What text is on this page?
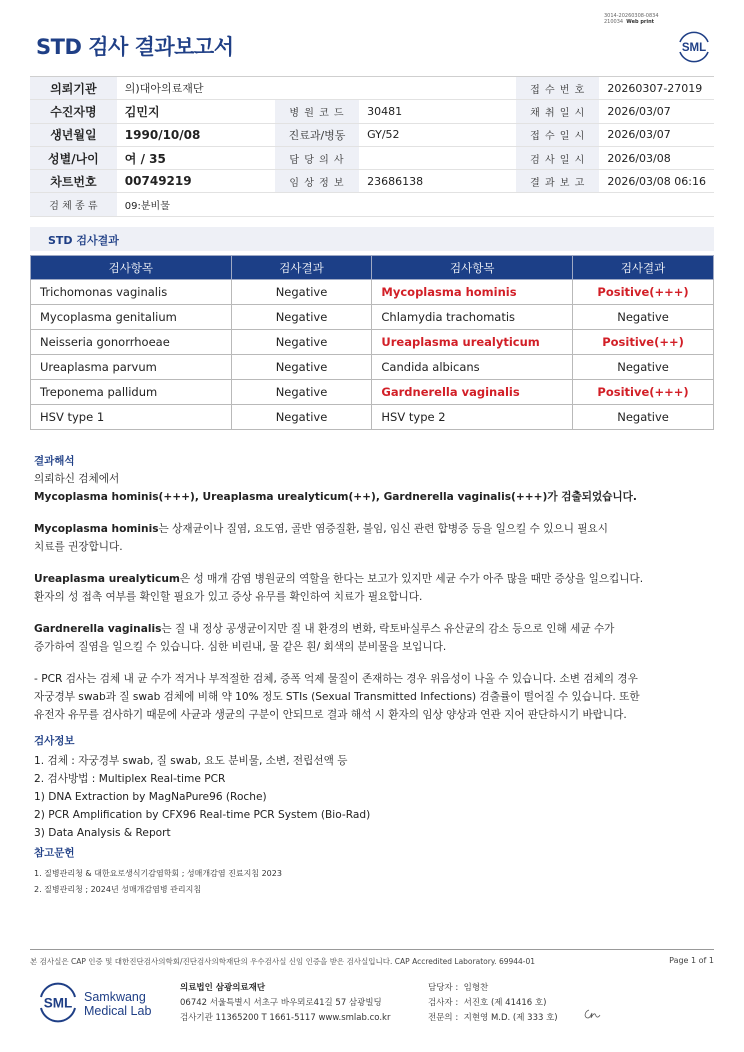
3014-20260308-0834
210034 Web print
STD 검사 결과보고서	SML
의뢰기관	의)대아의료재단			접 수 번 호	20260307-27019
수진자명	김민지	병 원 코 드	30481	채 취 일 시	2026/03/07
생년월일	1990/10/08	진료과/병동	GY/52	접 수 일 시	2026/03/07
성별/나이	여 / 35	담 당 의 사		검 사 일 시	2026/03/08
차트번호	00749219	임 상 정 보	23686138	결 과 보 고	2026/03/08 06:16
검 체 종 류	09:분비물				
STD 검사결과
검사항목	검사결과	검사항목	검사결과
Trichomonas vaginalis	Negative	Mycoplasma hominis	Positive(+++)
Mycoplasma genitalium	Negative	Chlamydia trachomatis	Negative
Neisseria gonorrhoeae	Negative	Ureaplasma urealyticum	Positive(++)
Ureaplasma parvum	Negative	Candida albicans	Negative
Treponema pallidum	Negative	Gardnerella vaginalis	Positive(+++)
HSV type 1	Negative	HSV type 2	Negative
결과해석
의뢰하신 검체에서
Mycoplasma hominis(+++), Ureaplasma urealyticum(++), Gardnerella vaginalis(+++)가 검출되었습니다.
Mycoplasma hominis는 상재균이나 질염, 요도염, 골반 염증질환, 불임, 임신 관련 합병증 등을 일으킬 수 있으니 필요시
치료를 권장합니다.
Ureaplasma urealyticum은 성 매개 감염 병원균의 역할을 한다는 보고가 있지만 세균 수가 아주 많을 때만 증상을 일으킵니다.
환자의 성 접촉 여부를 확인할 필요가 있고 증상 유무를 확인하여 치료가 필요합니다.
Gardnerella vaginalis는 질 내 정상 공생균이지만 질 내 환경의 변화, 락토바실루스 유산균의 감소 등으로 인해 세균 수가
증가하여 질염을 일으킬 수 있습니다. 심한 비린내, 물 같은 흰/ 회색의 분비물을 보입니다.
- PCR 검사는 검체 내 균 수가 적거나 부적절한 검체, 증폭 억제 물질이 존재하는 경우 위음성이 나올 수 있습니다. 소변 검체의 경우
자궁경부 swab과 질 swab 검체에 비해 약 10% 정도 STIs (Sexual Transmitted Infections) 검출률이 떨어질 수 있습니다. 또한
유전자 유무를 검사하기 때문에 사균과 생균의 구분이 안되므로 결과 해석 시 환자의 임상 양상과 연관 지어 판단하시기 바랍니다.
검사정보
1. 검체 : 자궁경부 swab, 질 swab, 요도 분비물, 소변, 전립선액 등
2. 검사방법 : Multiplex Real-time PCR
1) DNA Extraction by MagNaPure96 (Roche)
2) PCR Amplification by CFX96 Real-time PCR System (Bio-Rad)
3) Data Analysis & Report
참고문헌
1. 질병관리청 & 대한요로생식기감염학회 ; 성매개감염 진료지침 2023
2. 질병관리청 ; 2024년 성매개감염병 관리지침
본 검사실은 CAP 인증 및 대한진단검사의학회/진단검사의학재단의 우수검사실 신임 인증을 받은 검사실입니다. CAP Accredited Laboratory. 69944-01	Page 1 of 1
SML Samkwang
Medical Lab
의료법인 삼광의료재단
06742 서울특별시 서초구 바우뫼로41길 57 삼광빌딩
검사기관 11365200 T 1661-5117 www.smlab.co.kr
담당자 : 임형찬
검사자 : 서진호 (제 41416 호)
전문의 : 지현영 M.D. (제 333 호)
